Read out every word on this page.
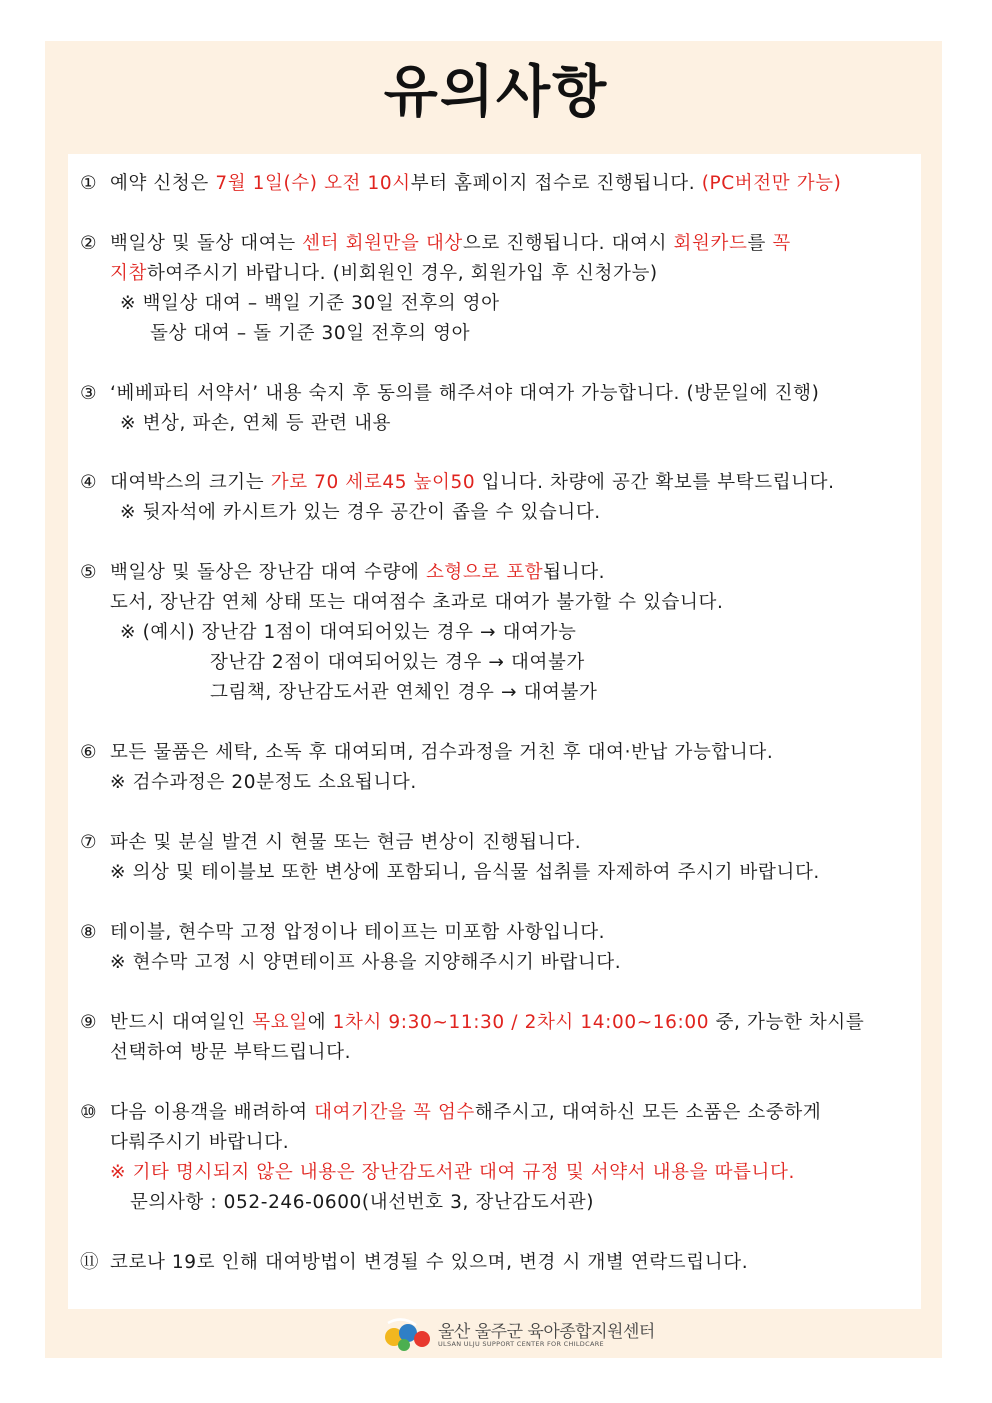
유의사항
① 예약 신청은 7월 1일(수) 오전 10시부터 홈페이지 접수로 진행됩니다. (PC버전만 가능)
② 백일상 및 돌상 대여는 센터 회원만을 대상으로 진행됩니다. 대여시 회원카드를 꼭
지참하여주시기 바랍니다. (비회원인 경우, 회원가입 후 신청가능)
※ 백일상 대여 – 백일 기준 30일 전후의 영아
돌상 대여 – 돌 기준 30일 전후의 영아
③ ‘베베파티 서약서’ 내용 숙지 후 동의를 해주셔야 대여가 가능합니다. (방문일에 진행)
※ 변상, 파손, 연체 등 관련 내용
④ 대여박스의 크기는 가로 70 세로45 높이50 입니다. 차량에 공간 확보를 부탁드립니다.
※ 뒷자석에 카시트가 있는 경우 공간이 좁을 수 있습니다.
⑤ 백일상 및 돌상은 장난감 대여 수량에 소형으로 포함됩니다.
도서, 장난감 연체 상태 또는 대여점수 초과로 대여가 불가할 수 있습니다.
※ (예시) 장난감 1점이 대여되어있는 경우 → 대여가능
장난감 2점이 대여되어있는 경우 → 대여불가
그림책, 장난감도서관 연체인 경우 → 대여불가
⑥ 모든 물품은 세탁, 소독 후 대여되며, 검수과정을 거친 후 대여·반납 가능합니다.
※ 검수과정은 20분정도 소요됩니다.
⑦ 파손 및 분실 발견 시 현물 또는 현금 변상이 진행됩니다.
※ 의상 및 테이블보 또한 변상에 포함되니, 음식물 섭취를 자제하여 주시기 바랍니다.
⑧ 테이블, 현수막 고정 압정이나 테이프는 미포함 사항입니다.
※ 현수막 고정 시 양면테이프 사용을 지양해주시기 바랍니다.
⑨ 반드시 대여일인 목요일에 1차시 9:30~11:30 / 2차시 14:00~16:00 중, 가능한 차시를
선택하여 방문 부탁드립니다.
⑩ 다음 이용객을 배려하여 대여기간을 꼭 엄수해주시고, 대여하신 모든 소품은 소중하게
다뤄주시기 바랍니다.
※ 기타 명시되지 않은 내용은 장난감도서관 대여 규정 및 서약서 내용을 따릅니다.
문의사항 : 052-246-0600(내선번호 3, 장난감도서관)
⑪ 코로나 19로 인해 대여방법이 변경될 수 있으며, 변경 시 개별 연락드립니다.
울산 울주군 육아종합지원센터
ULSAN ULJU SUPPORT CENTER FOR CHILDCARE
